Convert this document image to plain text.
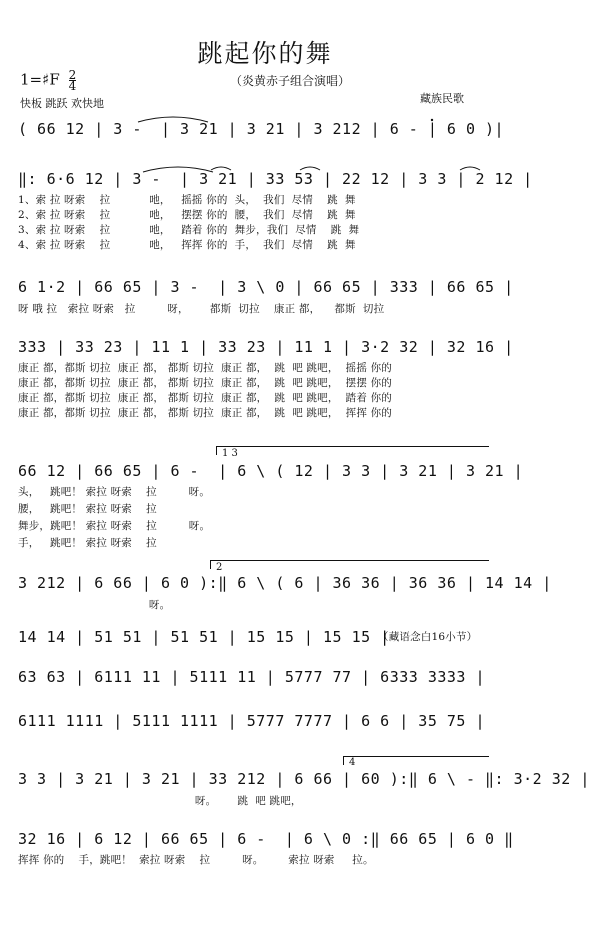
跳起你的舞
（炎黄赤子组合演唱）
1=♯F $\frac{2}{4}$
快板 跳跃 欢快地	藏族民歌
( 66 12 | 3 -  | 3 21 | 3 21 | 3 212 | 6 - | 6 0 )|
‖: 6·6 12 | 3 -  | 3 21 | 33 53 | 22 12 | 3 3 | 2 12 |
1、索 拉 呀索    拉           吔，   摇摇 你的  头，  我们  尽情    跳  舞
2、索 拉 呀索    拉           吔，   摆摆 你的  腰，  我们  尽情    跳  舞
3、索 拉 呀索    拉           吔，   踏着 你的  舞步，我们  尽情    跳  舞
4、索 拉 呀索    拉           吔，   挥挥 你的  手，  我们  尽情    跳  舞
6 1·2 | 66 65 | 3 -  | 3 \ 0 | 66 65 | 333 | 66 65 |
呀 哦 拉   索拉 呀索   拉         呀，      都斯  切拉    康正 都，    都斯  切拉
333 | 33 23 | 11 1 | 33 23 | 11 1 | 3·2 32 | 32 16 |
康正 都，都斯 切拉  康正 都， 都斯 切拉  康正 都，  跳  吧 跳吧，  摇摇 你的
康正 都，都斯 切拉  康正 都， 都斯 切拉  康正 都，  跳  吧 跳吧，  摆摆 你的
康正 都，都斯 切拉  康正 都， 都斯 切拉  康正 都，  跳  吧 跳吧，  踏着 你的
康正 都，都斯 切拉  康正 都， 都斯 切拉  康正 都，  跳  吧 跳吧，  挥挥 你的
1 3
66 12 | 66 65 | 6 -  | 6 \ ( 12 | 3 3 | 3 21 | 3 21 |
头，   跳吧！ 索拉 呀索    拉         呀。
腰，   跳吧！ 索拉 呀索    拉
舞步，跳吧！ 索拉 呀索    拉         呀。
手，   跳吧！ 索拉 呀索    拉
2
3 212 | 6 66 | 6 0 ):‖ 6 \ ( 6 | 36 36 | 36 36 | 14 14 |
呀。
14 14 | 51 51 | 51 51 | 15 15 | 15 15 |
（藏语念白16小节）
63 63 | 6111 11 | 5111 11 | 5777 77 | 6333 3333 |
6111 1111 | 5111 1111 | 5777 7777 | 6 6 | 35 75 |
4
3 3 | 3 21 | 3 21 | 33 212 | 6 66 | 60 ):‖ 6 \ - ‖: 3·2 32 |
呀。      跳  吧 跳吧，
32 16 | 6 12 | 66 65 | 6 -  | 6 \ 0 :‖ 66 65 | 6 0 ‖
挥挥 你的    手，跳吧！  索拉 呀索    拉         呀。       索拉 呀索     拉。
